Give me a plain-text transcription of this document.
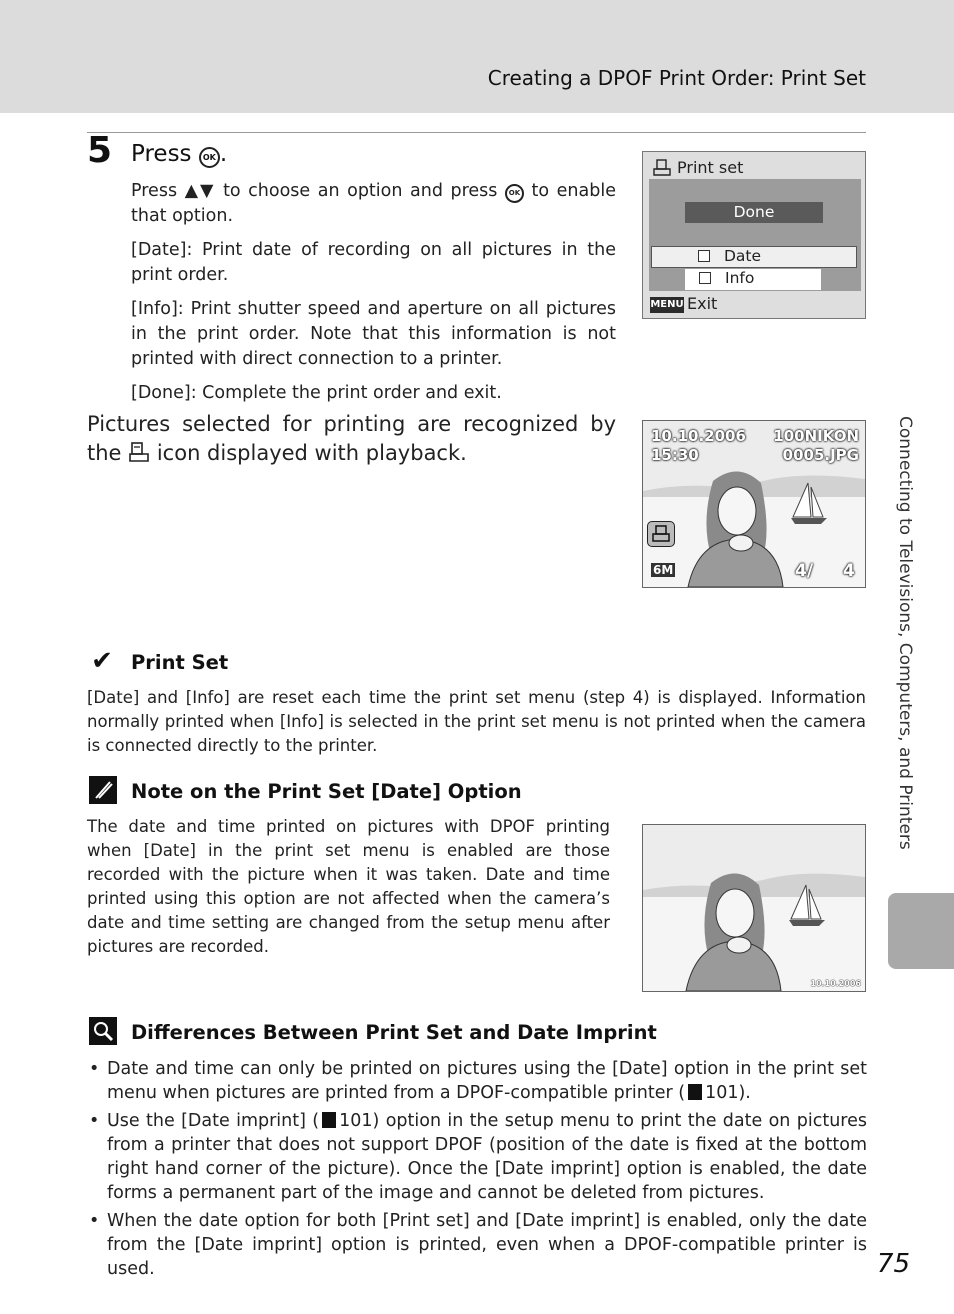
Creating a DPOF Print Order: Print Set
5 Press OK .
Press ▲▼ to choose an option and press OK to enable that option.
[Date]: Print date of recording on all pictures in the print order.
[Info]: Print shutter speed and aperture on all pictures in the print order. Note that this information is not printed with direct connection to a printer.
[Done]: Complete the print order and exit.
Pictures selected for printing are recognized by the icon displayed with playback.
Print set
Done
Date
Info
MENU Exit
10.10.2006
15:30
100NIKON
0005.JPG
6M	4/ 4
✔ Print Set
[Date] and [Info] are reset each time the print set menu (step 4) is displayed. Information normally printed when [Info] is selected in the print set menu is not printed when the camera is connected directly to the printer.
Note on the Print Set [Date] Option
The date and time printed on pictures with DPOF printing when [Date] in the print set menu is enabled are those recorded with the picture when it was taken. Date and time printed using this option are not affected when the camera’s date and time setting are changed from the setup menu after pictures are recorded.
10.10.2006
Differences Between Print Set and Date Imprint
• Date and time can only be printed on pictures using the [Date] option in the print set menu when pictures are printed from a DPOF-compatible printer ( 101).
• Use the [Date imprint] ( 101) option in the setup menu to print the date on pictures from a printer that does not support DPOF (position of the date is fixed at the bottom right hand corner of the picture). Once the [Date imprint] option is enabled, the date forms a permanent part of the image and cannot be deleted from pictures.
• When the date option for both [Print set] and [Date imprint] is enabled, only the date from the [Date imprint] option is printed, even when a DPOF-compatible printer is used.
Connecting to Televisions, Computers, and Printers
75
